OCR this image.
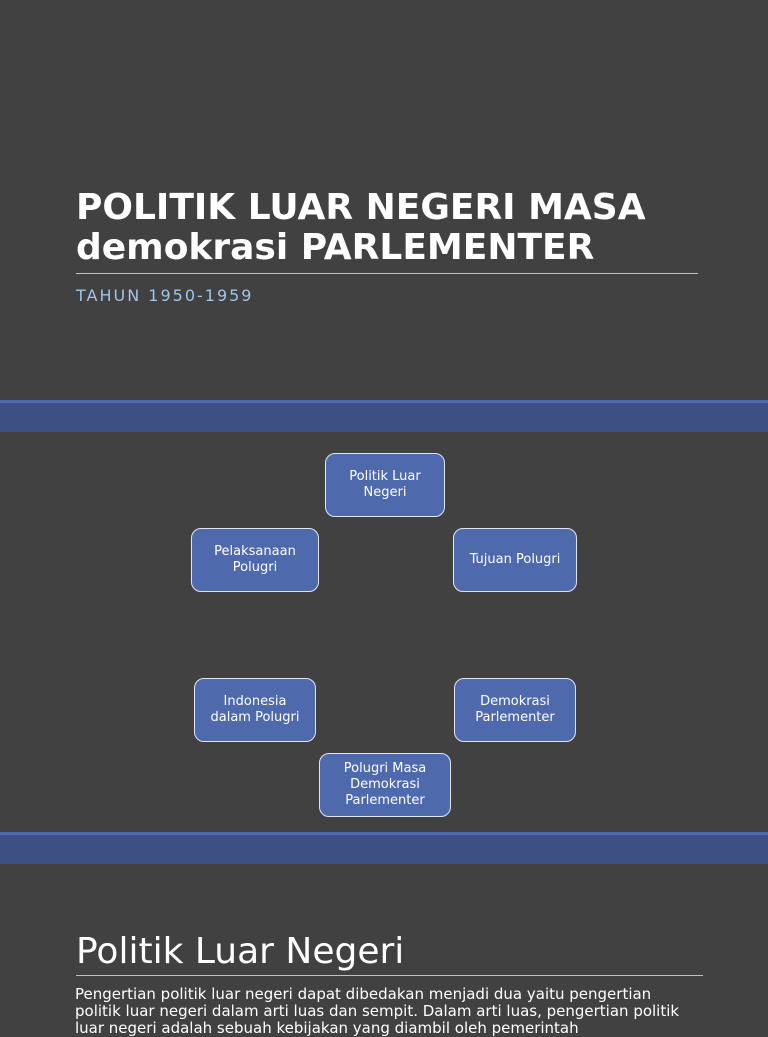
POLITIK LUAR NEGERI MASA
demokrasi PARLEMENTER
TAHUN 1950-1959
Politik Luar
Negeri
Tujuan Polugri
Demokrasi
Parlementer
Polugri Masa
Demokrasi
Parlementer
Indonesia
dalam Polugri
Pelaksanaan
Polugri
Politik Luar Negeri

Pengertian politik luar negeri dapat dibedakan menjadi dua yaitu pengertian politik luar negeri dalam arti luas dan sempit. Dalam arti luas, pengertian politik luar negeri adalah sebuah kebijakan yang diambil oleh pemerintah
